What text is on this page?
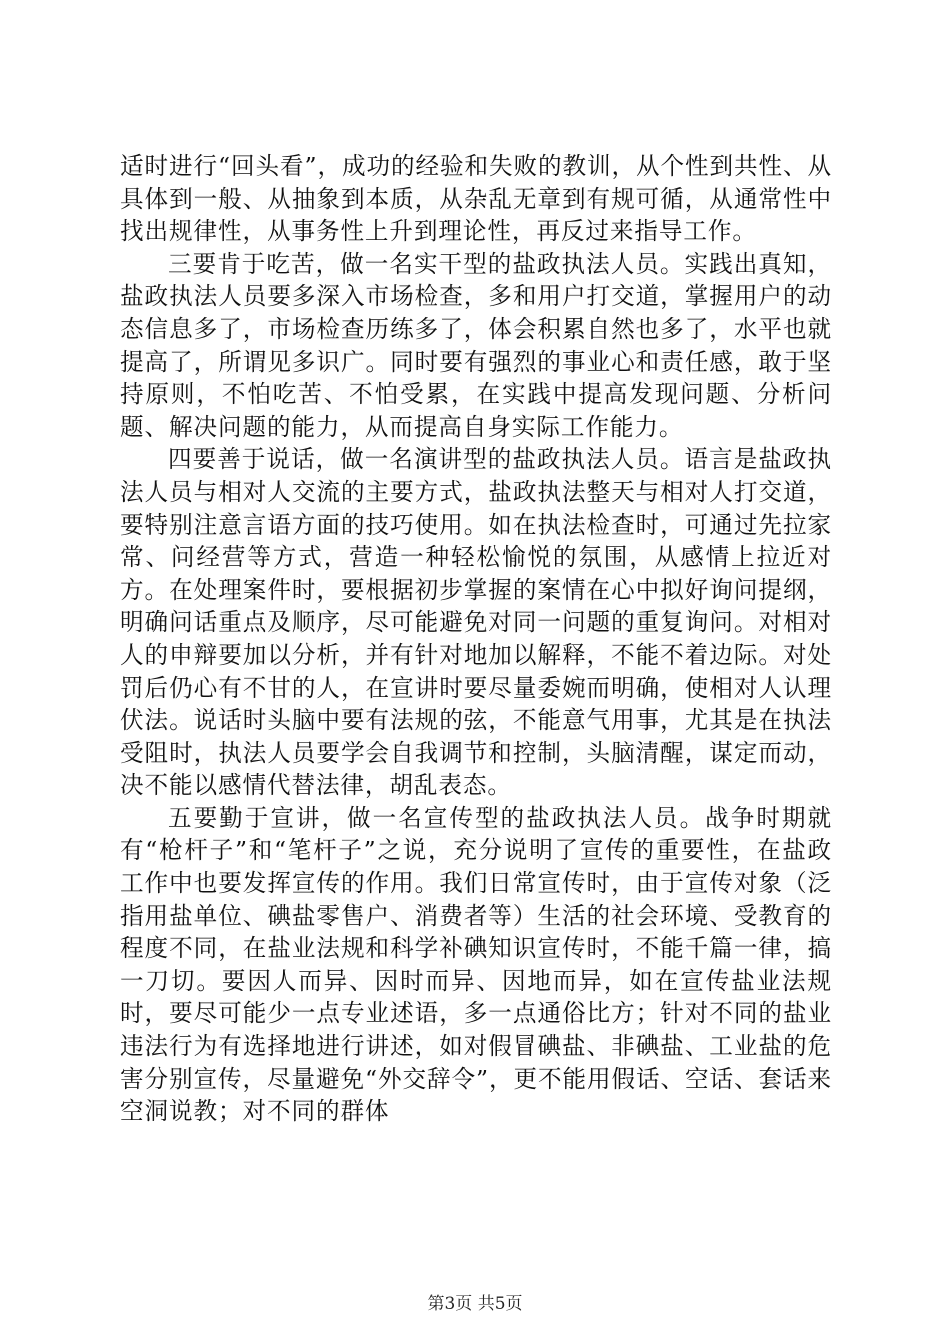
适时进行“回头看”，成功的经验和失败的教训，从个性到共性、从具体到一般、从抽象到本质，从杂乱无章到有规可循，从通常性中找出规律性，从事务性上升到理论性，再反过来指导工作。

三要肯于吃苦，做一名实干型的盐政执法人员。实践出真知，盐政执法人员要多深入市场检查，多和用户打交道，掌握用户的动态信息多了，市场检查历练多了，体会积累自然也多了，水平也就提高了，所谓见多识广。同时要有强烈的事业心和责任感，敢于坚持原则，不怕吃苦、不怕受累，在实践中提高发现问题、分析问题、解决问题的能力，从而提高自身实际工作能力。

四要善于说话，做一名演讲型的盐政执法人员。语言是盐政执法人员与相对人交流的主要方式，盐政执法整天与相对人打交道，要特别注意言语方面的技巧使用。如在执法检查时，可通过先拉家常、问经营等方式，营造一种轻松愉悦的氛围，从感情上拉近对方。在处理案件时，要根据初步掌握的案情在心中拟好询问提纲，明确问话重点及顺序，尽可能避免对同一问题的重复询问。对相对人的申辩要加以分析，并有针对地加以解释，不能不着边际。对处罚后仍心有不甘的人，在宣讲时要尽量委婉而明确，使相对人认理伏法。说话时头脑中要有法规的弦，不能意气用事，尤其是在执法受阻时，执法人员要学会自我调节和控制，头脑清醒，谋定而动，决不能以感情代替法律，胡乱表态。

五要勤于宣讲，做一名宣传型的盐政执法人员。战争时期就有“枪杆子”和“笔杆子”之说，充分说明了宣传的重要性，在盐政工作中也要发挥宣传的作用。我们日常宣传时，由于宣传对象（泛指用盐单位、碘盐零售户、消费者等）生活的社会环境、受教育的程度不同，在盐业法规和科学补碘知识宣传时，不能千篇一律，搞一刀切。要因人而异、因时而异、因地而异，如在宣传盐业法规时，要尽可能少一点专业述语，多一点通俗比方；针对不同的盐业违法行为有选择地进行讲述，如对假冒碘盐、非碘盐、工业盐的危害分别宣传，尽量避免“外交辞令”，更不能用假话、空话、套话来空洞说教；对不同的群体

第3页 共5页
